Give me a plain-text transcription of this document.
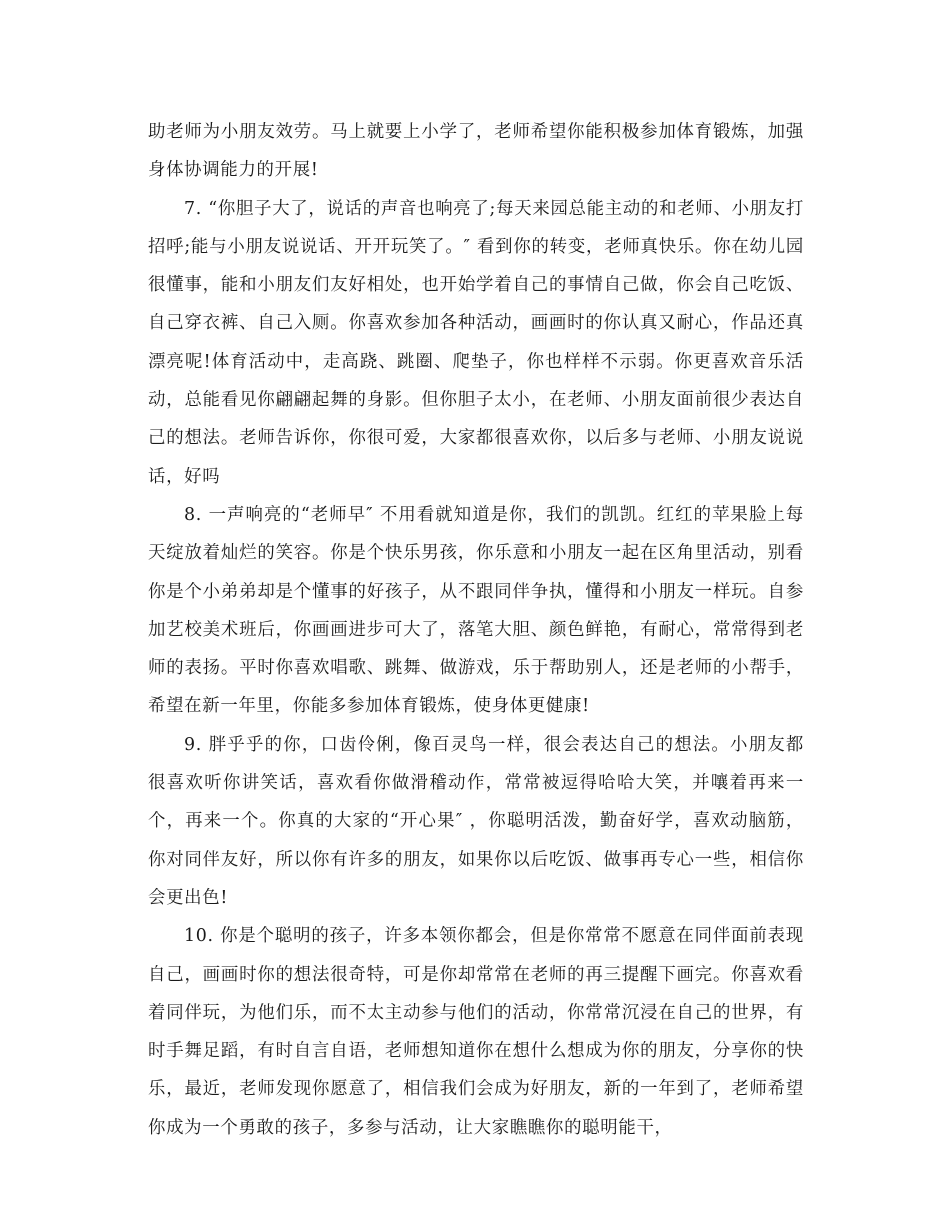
助老师为小朋友效劳。马上就要上小学了，老师希望你能积极参加体育锻炼，加强身体协调能力的开展!

7. “你胆子大了，说话的声音也响亮了;每天来园总能主动的和老师、小朋友打招呼;能与小朋友说说话、开开玩笑了。″ 看到你的转变，老师真快乐。你在幼儿园很懂事，能和小朋友们友好相处，也开始学着自己的事情自己做，你会自己吃饭、自己穿衣裤、自己入厕。你喜欢参加各种活动，画画时的你认真又耐心，作品还真漂亮呢!体育活动中，走高跷、跳圈、爬垫子，你也样样不示弱。你更喜欢音乐活动，总能看见你翩翩起舞的身影。但你胆子太小，在老师、小朋友面前很少表达自己的想法。老师告诉你，你很可爱，大家都很喜欢你，以后多与老师、小朋友说说话，好吗

8. 一声响亮的“老师早″ 不用看就知道是你，我们的凯凯。红红的苹果脸上每天绽放着灿烂的笑容。你是个快乐男孩，你乐意和小朋友一起在区角里活动，别看你是个小弟弟却是个懂事的好孩子，从不跟同伴争执，懂得和小朋友一样玩。自参加艺校美术班后，你画画进步可大了，落笔大胆、颜色鲜艳，有耐心，常常得到老师的表扬。平时你喜欢唱歌、跳舞、做游戏，乐于帮助别人，还是老师的小帮手，希望在新一年里，你能多参加体育锻炼，使身体更健康!

9. 胖乎乎的你，口齿伶俐，像百灵鸟一样，很会表达自己的想法。小朋友都很喜欢听你讲笑话，喜欢看你做滑稽动作，常常被逗得哈哈大笑，并嚷着再来一个，再来一个。你真的大家的“开心果″ ，你聪明活泼，勤奋好学，喜欢动脑筋，你对同伴友好，所以你有许多的朋友，如果你以后吃饭、做事再专心一些，相信你会更出色!

10. 你是个聪明的孩子，许多本领你都会，但是你常常不愿意在同伴面前表现自己，画画时你的想法很奇特，可是你却常常在老师的再三提醒下画完。你喜欢看着同伴玩，为他们乐，而不太主动参与他们的活动，你常常沉浸在自己的世界，有时手舞足蹈，有时自言自语，老师想知道你在想什么想成为你的朋友，分享你的快乐，最近，老师发现你愿意了，相信我们会成为好朋友，新的一年到了，老师希望你成为一个勇敢的孩子，多参与活动，让大家瞧瞧你的聪明能干，
